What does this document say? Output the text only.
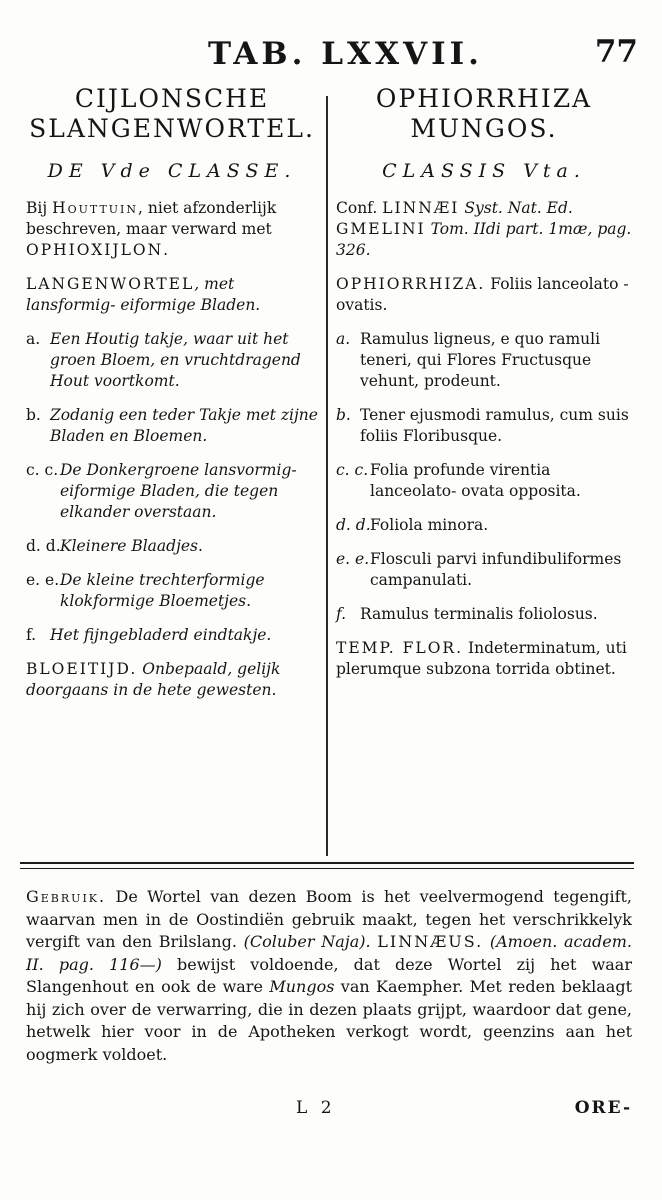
TAB. LXXVII.	77
CIJLONSCHE
SLANGENWORTEL.
DE Vde CLASSE.
Bij Houttuin, niet afzonderlijk beschreven, maar verward met OPHIOXIJLON.
LANGENWORTEL, met lansformig- eiformige Bladen.
a. Een Houtig takje, waar uit het groen Bloem, en vruchtdragend Hout voortkomt.
b. Zodanig een teder Takje met zijne Bladen en Bloemen.
c. c. De Donkergroene lansvormig- eiformige Bladen, die tegen elkander overstaan.
d. d. Kleinere Blaadjes.
e. e. De kleine trechterformige klokformige Bloemetjes.
f. Het fijngebladerd eindtakje.
BLOEITIJD. Onbepaald, gelijk doorgaans in de hete gewesten.
OPHIORRHIZA
MUNGOS.
CLASSIS Vta.
Conf. LINNÆI Syst. Nat. Ed. GMELINI Tom. IIdi part. 1mæ, pag. 326.
OPHIORRHIZA. Foliis lanceolato - ovatis.
a. Ramulus ligneus, e quo ramuli teneri, qui Flores Fructusque vehunt, prodeunt.
b. Tener ejusmodi ramulus, cum suis foliis Floribusque.
c. c. Folia profunde virentia lanceolato- ovata opposita.
d. d. Foliola minora.
e. e. Flosculi parvi infundibuliformes campanulati.
f. Ramulus terminalis foliolosus.
TEMP. FLOR. Indeterminatum, uti plerumque subzona torrida obtinet.
Gebruik. De Wortel van dezen Boom is het veelvermogend tegengift, waarvan men in de Oostindiën gebruik maakt, tegen het verschrikkelyk vergift van den Brilslang. (Coluber Naja). LINNÆUS. (Amoen. academ. II. pag. 116—) bewijst voldoende, dat deze Wortel zij het waar Slangenhout en ook de ware Mungos van Kaempher. Met reden beklaagt hij zich over de verwarring, die in dezen plaats grijpt, waardoor dat gene, hetwelk hier voor in de Apotheken verkogt wordt, geenzins aan het oogmerk voldoet.
L 2	ORE-
